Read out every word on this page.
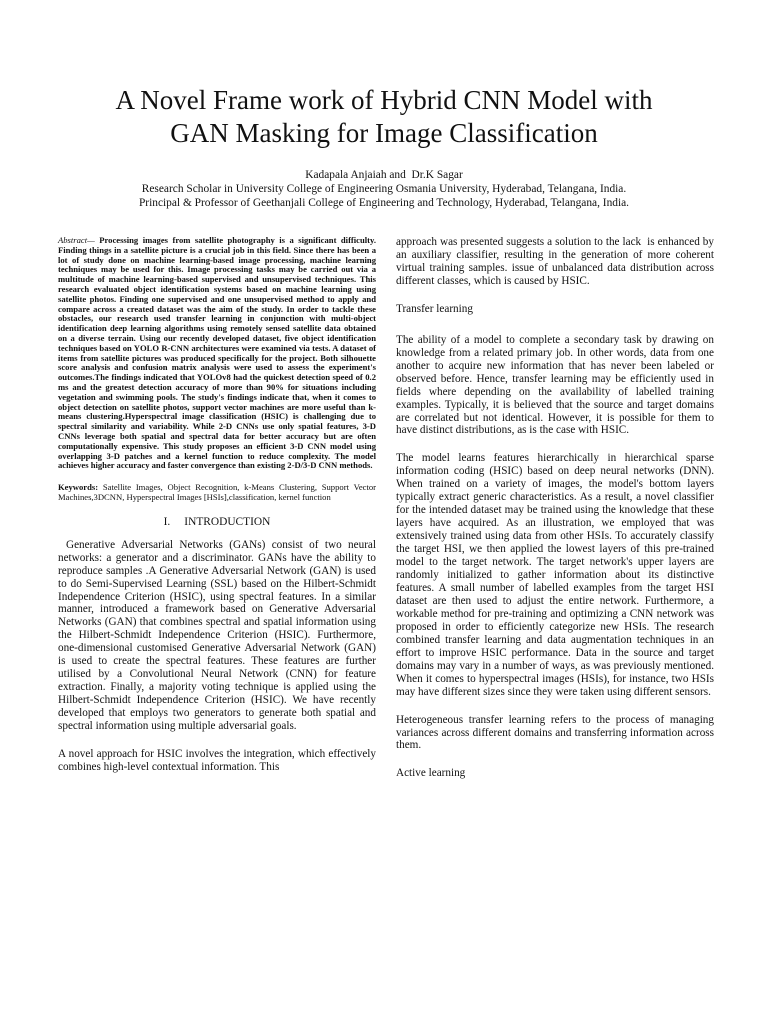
A Novel Frame work of Hybrid CNN Model with
GAN Masking for Image Classification
Kadapala Anjaiah and  Dr.K Sagar
Research Scholar in University College of Engineering Osmania University, Hyderabad, Telangana, India.
Principal & Professor of Geethanjali College of Engineering and Technology, Hyderabad, Telangana, India.

Abstract— Processing images from satellite photography is a significant difficulty. Finding things in a satellite picture is a crucial job in this field. Since there has been a lot of study done on machine learning-based image processing, machine learning techniques may be used for this. Image processing tasks may be carried out via a multitude of machine learning-based supervised and unsupervised techniques. This research evaluated object identification systems based on machine learning using satellite photos. Finding one supervised and one unsupervised method to apply and compare across a created dataset was the aim of the study. In order to tackle these obstacles, our research used transfer learning in conjunction with multi-object identification deep learning algorithms using remotely sensed satellite data obtained on a diverse terrain. Using our recently developed dataset, five object identification techniques based on YOLO R-CNN architectures were examined via tests. A dataset of items from satellite pictures was produced specifically for the project. Both silhouette score analysis and confusion matrix analysis were used to assess the experiment's outcomes.The findings indicated that YOLOv8 had the quickest detection speed of 0.2 ms and the greatest detection accuracy of more than 90% for situations including vegetation and swimming pools. The study's findings indicate that, when it comes to object detection on satellite photos, support vector machines are more useful than k-means clustering.Hyperspectral image classification (HSIC) is challenging due to spectral similarity and variability. While 2-D CNNs use only spatial features, 3-D CNNs leverage both spatial and spectral data for better accuracy but are often computationally expensive. This study proposes an efficient 3-D CNN model using overlapping 3-D patches and a kernel function to reduce complexity. The model achieves higher accuracy and faster convergence than existing 2-D/3-D CNN methods.

Keywords: Satellite Images, Object Recognition, k-Means Clustering, Support Vector Machines,3DCNN, Hyperspectral Images [HSIs],classification, kernel function

I. INTRODUCTION

Generative Adversarial Networks (GANs) consist of two neural networks: a generator and a discriminator. GANs have the ability to reproduce samples .A Generative Adversarial Network (GAN) is used to do Semi-Supervised Learning (SSL) based on the Hilbert-Schmidt Independence Criterion (HSIC), using spectral features. In a similar manner, introduced a framework based on Generative Adversarial Networks (GAN) that combines spectral and spatial information using the Hilbert-Schmidt Independence Criterion (HSIC). Furthermore, one-dimensional customised Generative Adversarial Network (GAN) is used to create the spectral features. These features are further utilised by a Convolutional Neural Network (CNN) for feature extraction. Finally, a majority voting technique is applied using the Hilbert-Schmidt Independence Criterion (HSIC). We have recently developed that employs two generators to generate both spatial and spectral information using multiple adversarial goals.

A novel approach for HSIC involves the integration, which effectively combines high-level contextual information. This

approach was presented suggests a solution to the lack  is enhanced by an auxiliary classifier, resulting in the generation of more coherent virtual training samples. issue of unbalanced data distribution across different classes, which is caused by HSIC.

Transfer learning

The ability of a model to complete a secondary task by drawing on knowledge from a related primary job. In other words, data from one another to acquire new information that has never been labeled or observed before. Hence, transfer learning may be efficiently used in fields where depending on the availability of labelled training examples. Typically, it is believed that the source and target domains are correlated but not identical. However, it is possible for them to have distinct distributions, as is the case with HSIC.

The model learns features hierarchically in hierarchical sparse information coding (HSIC) based on deep neural networks (DNN). When trained on a variety of images, the model's bottom layers typically extract generic characteristics. As a result, a novel classifier for the intended dataset may be trained using the knowledge that these layers have acquired. As an illustration, we employed that was extensively trained using data from other HSIs. To accurately classify the target HSI, we then applied the lowest layers of this pre-trained model to the target network. The target network's upper layers are randomly initialized to gather information about its distinctive features. A small number of labelled examples from the target HSI dataset are then used to adjust the entire network. Furthermore, a workable method for pre-training and optimizing a CNN network was proposed in order to efficiently categorize new HSIs. The research combined transfer learning and data augmentation techniques in an effort to improve HSIC performance. Data in the source and target domains may vary in a number of ways, as was previously mentioned. When it comes to hyperspectral images (HSIs), for instance, two HSIs may have different sizes since they were taken using different sensors.

Heterogeneous transfer learning refers to the process of managing variances across different domains and transferring information across them.

Active learning
